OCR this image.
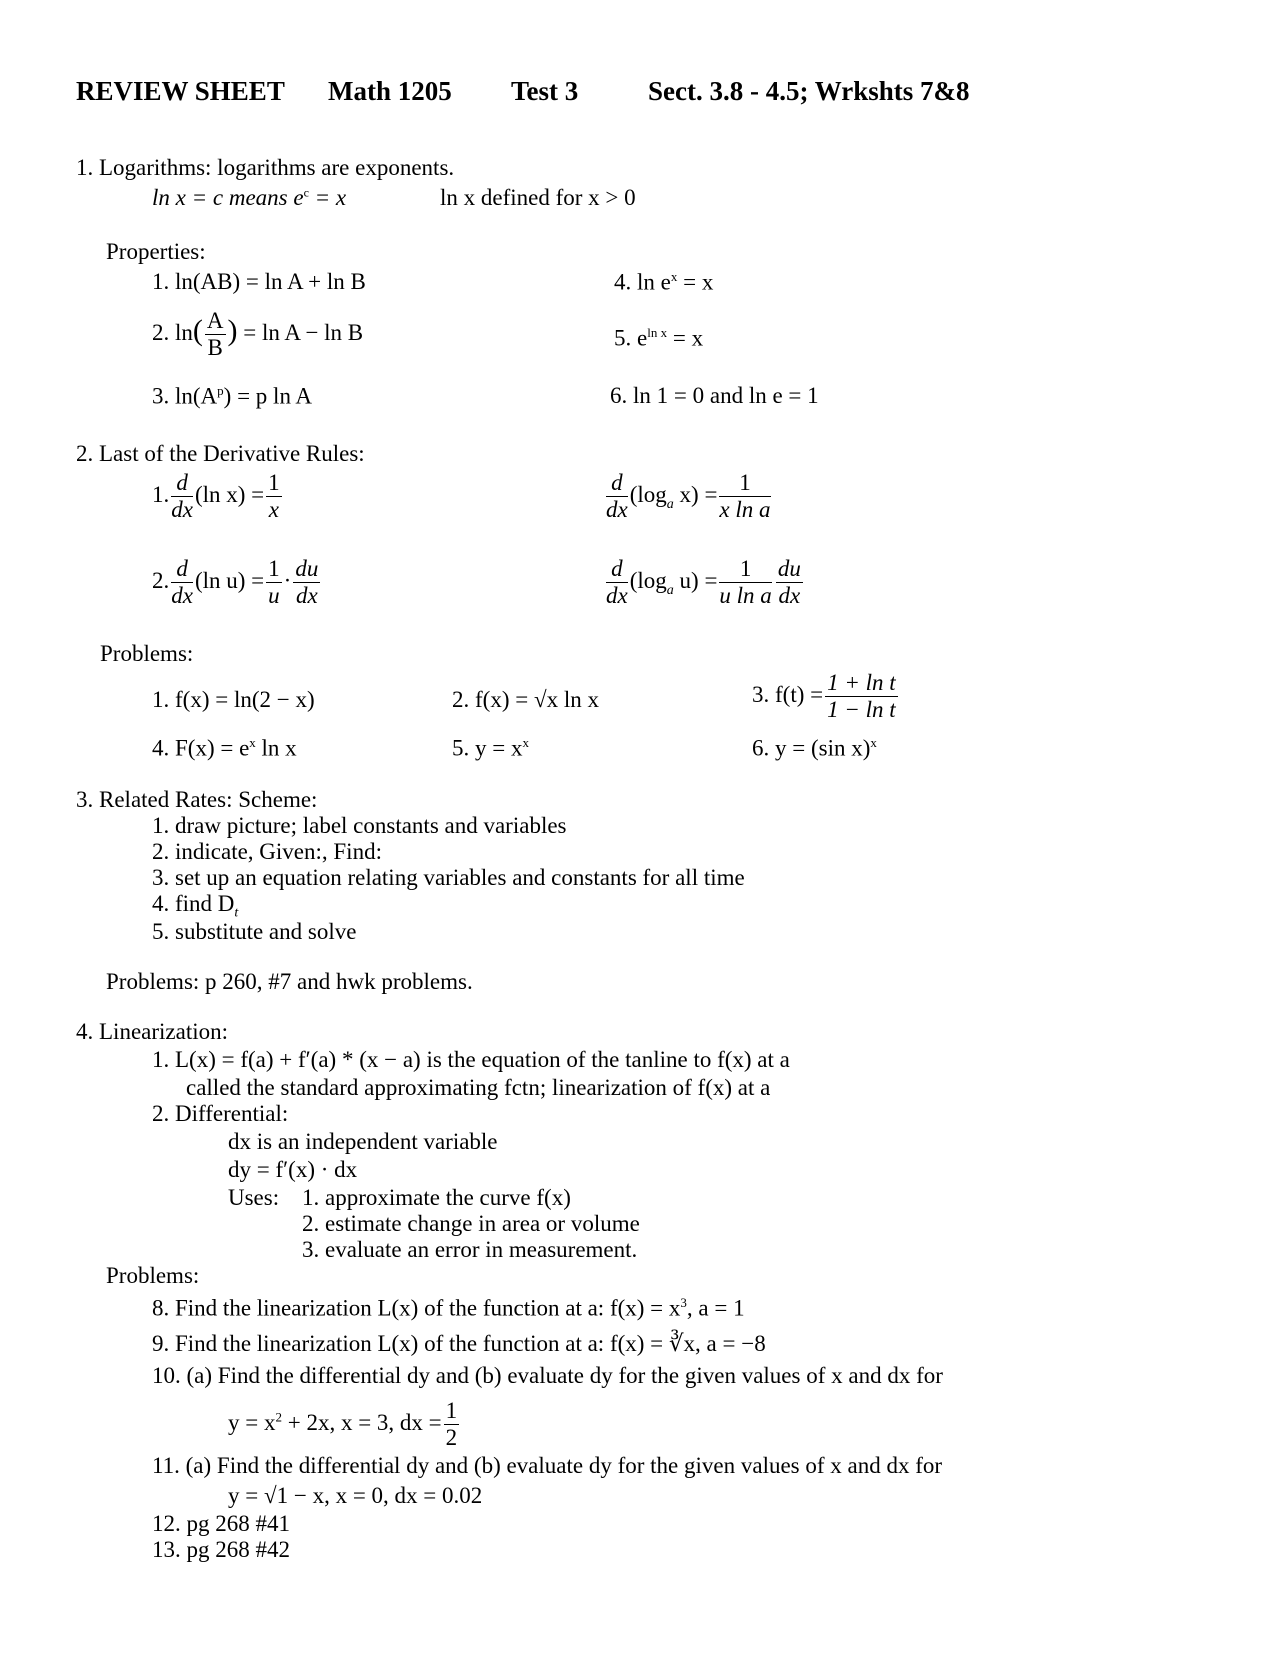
REVIEW SHEET Math 1205 Test 3	Sect. 3.8 - 4.5; Wrkshts 7&8
1. Logarithms: logarithms are exponents.
ln x = c means $e^c = x$	ln x defined for x > 0
Properties:
1. ln(AB) = ln A + ln B
2. $\ln( \frac{A}{B}$ ) = ln A − ln B
3. $\ln(A^p) = p$ ln A
4. $\ln e^x = x$
5. $e^{ln x} = x$
6. ln 1 = 0 and ln e = 1
2. Last of the Derivative Rules:
1. $\frac{d}{dx} (\ln$ $x) = \frac{1}{x}$	$\frac{d}{dx} (\log_a$ $x) = \frac{1}{\text{x ln a}}$
2. $\frac{d}{dx} (\ln$ $u) = \frac{1}{u} \cdot \frac{du}{dx}$	$\frac{d}{dx} (\log_a$ $u) = \frac{1}{\text{u ln a}} \frac{du}{dx}$
Problems:
1. f(x) = ln(2 − x)	2. f(x) = √x ln x	3. $f(t) = \frac{\text{1 + ln t}}{\text{1 − ln t}}$
4. $F(x) = e^x$ ln x	5. $y = x^x$	6. y = (sin x)$^x$
3. Related Rates: Scheme:
1. draw picture; label constants and variables
2. indicate, Given:, Find:
3. set up an equation relating variables and constants for all time
4. find $D_t$
5. substitute and solve
Problems: p 260, #7 and hwk problems.
4. Linearization:
1. L(x) = f(a) + f′(a) * (x − a) is the equation of the tanline to f(x) at a
called the standard approximating fctn; linearization of f(x) at a
2. Differential:
dx is an independent variable
dy = f′(x) · dx
Uses: 1. approximate the curve f(x)
2. estimate change in area or volume
3. evaluate an error in measurement.
Problems:
8. Find the linearization L(x) of the function at a: $f(x) = x^3$, a = 1
9. Find the linearization L(x) of the function at a: f(x) = ∛x, a = −8
10. (a) Find the differential dy and (b) evaluate dy for the given values of x and dx for
$y = x^2 + 2x$, x = 3, dx = $\frac{1}{2}$
11. (a) Find the differential dy and (b) evaluate dy for the given values of x and dx for
y = √1 − x, x = 0, dx = 0.02
12. pg 268 #41
13. pg 268 #42
